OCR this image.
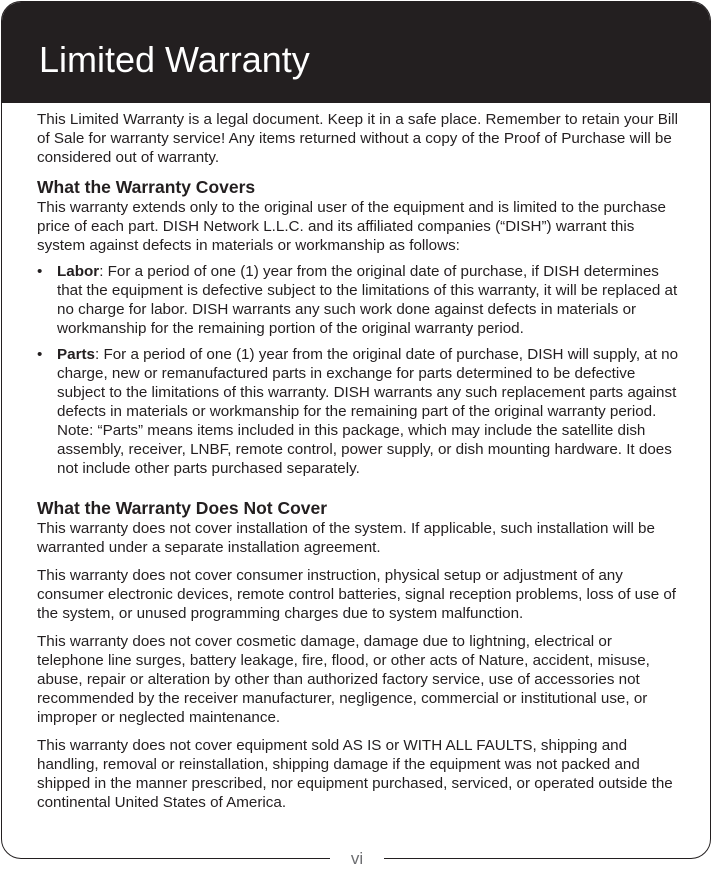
Limited Warranty

This Limited Warranty is a legal document. Keep it in a safe place. Remember to retain your Bill of Sale for warranty service! Any items returned without a copy of the Proof of Purchase will be considered out of warranty.

What the Warranty Covers

This warranty extends only to the original user of the equipment and is limited to the purchase price of each part. DISH Network L.L.C. and its affiliated companies (“DISH”) warrant this system against defects in materials or workmanship as follows:

• Labor: For a period of one (1) year from the original date of purchase, if DISH determines that the equipment is defective subject to the limitations of this warranty, it will be replaced at no charge for labor. DISH warrants any such work done against defects in materials or workmanship for the remaining portion of the original warranty period.
• Parts: For a period of one (1) year from the original date of purchase, DISH will supply, at no charge, new or remanufactured parts in exchange for parts determined to be defective subject to the limitations of this warranty. DISH warrants any such replacement parts against defects in materials or workmanship for the remaining part of the original warranty period. Note: “Parts” means items included in this package, which may include the satellite dish assembly, receiver, LNBF, remote control, power supply, or dish mounting hardware. It does not include other parts purchased separately.
What the Warranty Does Not Cover

This warranty does not cover installation of the system. If applicable, such installation will be warranted under a separate installation agreement.

This warranty does not cover consumer instruction, physical setup or adjustment of any consumer electronic devices, remote control batteries, signal reception problems, loss of use of the system, or unused programming charges due to system malfunction.

This warranty does not cover cosmetic damage, damage due to lightning, electrical or telephone line surges, battery leakage, fire, flood, or other acts of Nature, accident, misuse, abuse, repair or alteration by other than authorized factory service, use of accessories not recommended by the receiver manufacturer, negligence, commercial or institutional use, or improper or neglected maintenance.

This warranty does not cover equipment sold AS IS or WITH ALL FAULTS, shipping and handling, removal or reinstallation, shipping damage if the equipment was not packed and shipped in the manner prescribed, nor equipment purchased, serviced, or operated outside the continental United States of America.

vi
